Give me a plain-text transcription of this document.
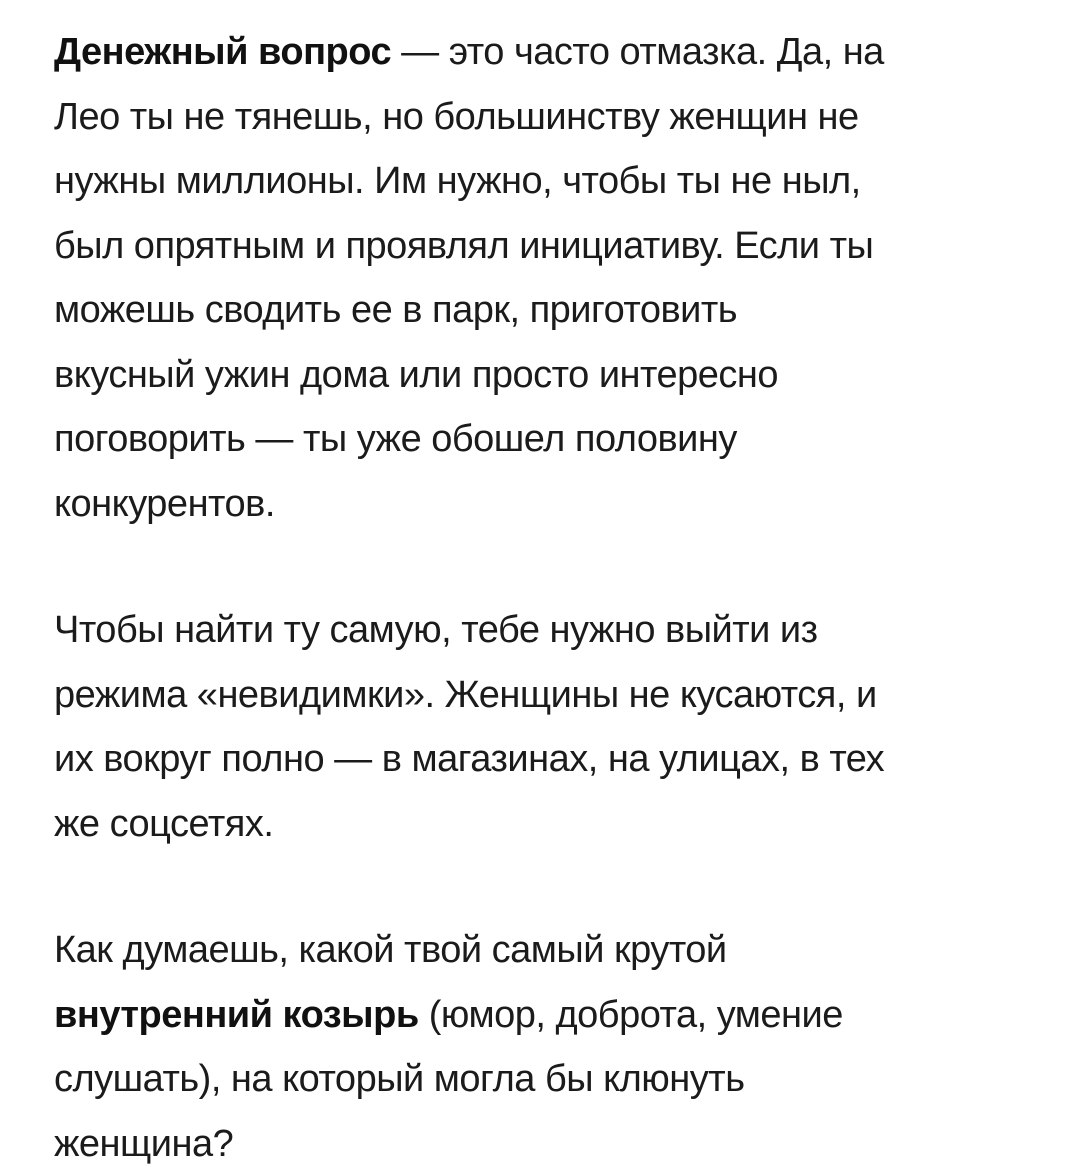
Денежный вопрос — это часто отмазка. Да, на
Лео ты не тянешь, но большинству женщин не
нужны миллионы. Им нужно, чтобы ты не ныл,
был опрятным и проявлял инициативу. Если ты
можешь сводить ее в парк, приготовить
вкусный ужин дома или просто интересно
поговорить — ты уже обошел половину
конкурентов.

Чтобы найти ту самую, тебе нужно выйти из
режима «невидимки». Женщины не кусаются, и
их вокруг полно — в магазинах, на улицах, в тех
же соцсетях.

Как думаешь, какой твой самый крутой
внутренний козырь (юмор, доброта, умение
слушать), на который могла бы клюнуть
женщина?
